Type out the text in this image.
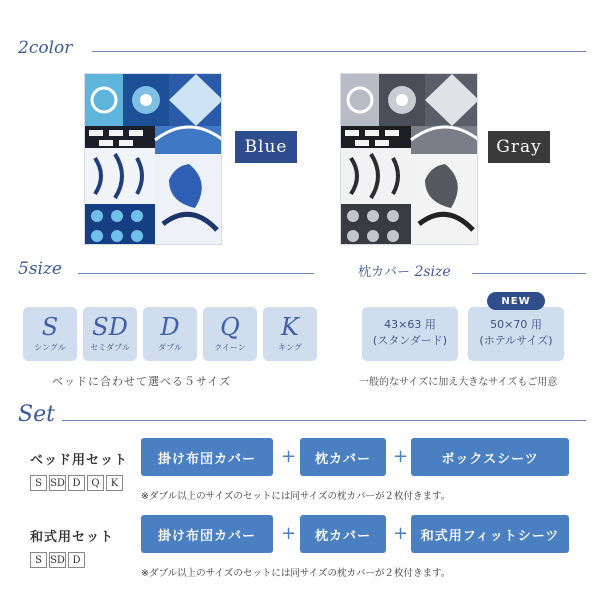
2color
Blue	Gray
5size
S
シングル
SD
セミダブル
D
ダブル
Q
クイーン
K
キング
ベッドに合わせて選べる５サイズ
枕カバー 2size
43×63 用
(スタンダード)
50×70 用
(ホテルサイズ)
NEW
一般的なサイズに加え大きなサイズもご用意
Set
ベッド用セット
S SD D	Q	K
掛け布団カバー	+	枕カバー	+	ボックスシーツ
※ダブル以上のサイズのセットには同サイズの枕カバーが２枚付きます。
和式用セット
S SD D
掛け布団カバー	+	枕カバー	+ 和式用フィットシーツ
※ダブル以上のサイズのセットには同サイズの枕カバーが２枚付きます。
